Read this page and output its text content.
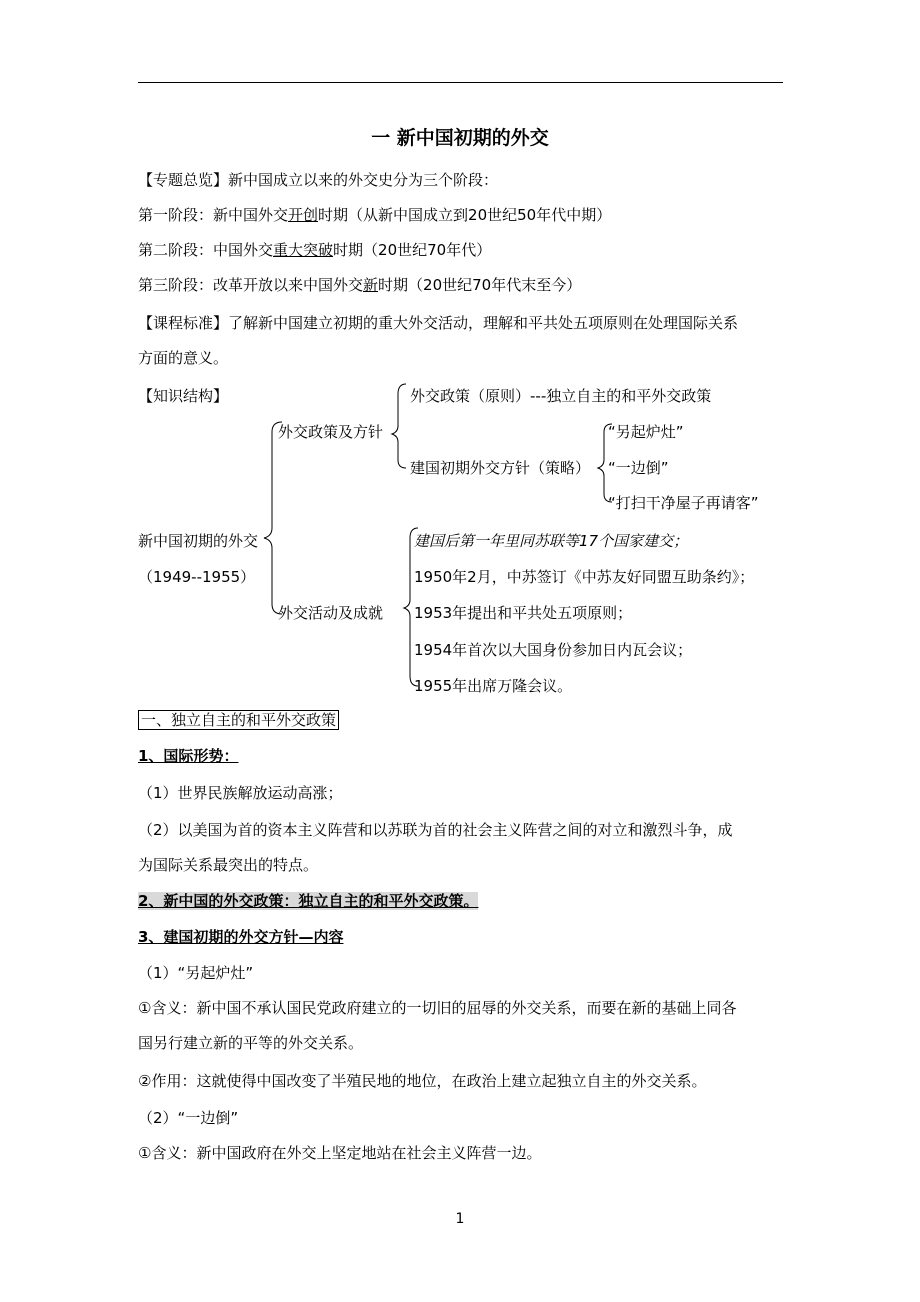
一 新中国初期的外交
【专题总览】新中国成立以来的外交史分为三个阶段：
第一阶段：新中国外交开创时期（从新中国成立到20世纪50年代中期）
第二阶段：中国外交重大突破时期（20世纪70年代）
第三阶段：改革开放以来中国外交新时期（20世纪70年代末至今）
【课程标准】了解新中国建立初期的重大外交活动，理解和平共处五项原则在处理国际关系
方面的意义。
【知识结构】	外交政策（原则）---独立自主的和平外交政策
外交政策及方针	“另起炉灶”
建国初期外交方针（策略） “一边倒”
“打扫干净屋子再请客”
新中国初期的外交
（1949--1955）
建国后第一年里同苏联等17个国家建交；
1950年2月，中苏签订《中苏友好同盟互助条约》；
外交活动及成就 1953年提出和平共处五项原则；
1954年首次以大国身份参加日内瓦会议；
1955年出席万隆会议。
一、独立自主的和平外交政策
1、国际形势：
（1）世界民族解放运动高涨；
（2）以美国为首的资本主义阵营和以苏联为首的社会主义阵营之间的对立和激烈斗争，成
为国际关系最突出的特点。
2、新中国的外交政策：独立自主的和平外交政策。
3、建国初期的外交方针—内容
（1）“另起炉灶”
①含义：新中国不承认国民党政府建立的一切旧的屈辱的外交关系，而要在新的基础上同各
国另行建立新的平等的外交关系。
②作用：这就使得中国改变了半殖民地的地位，在政治上建立起独立自主的外交关系。
（2）“一边倒”
①含义：新中国政府在外交上坚定地站在社会主义阵营一边。
1
